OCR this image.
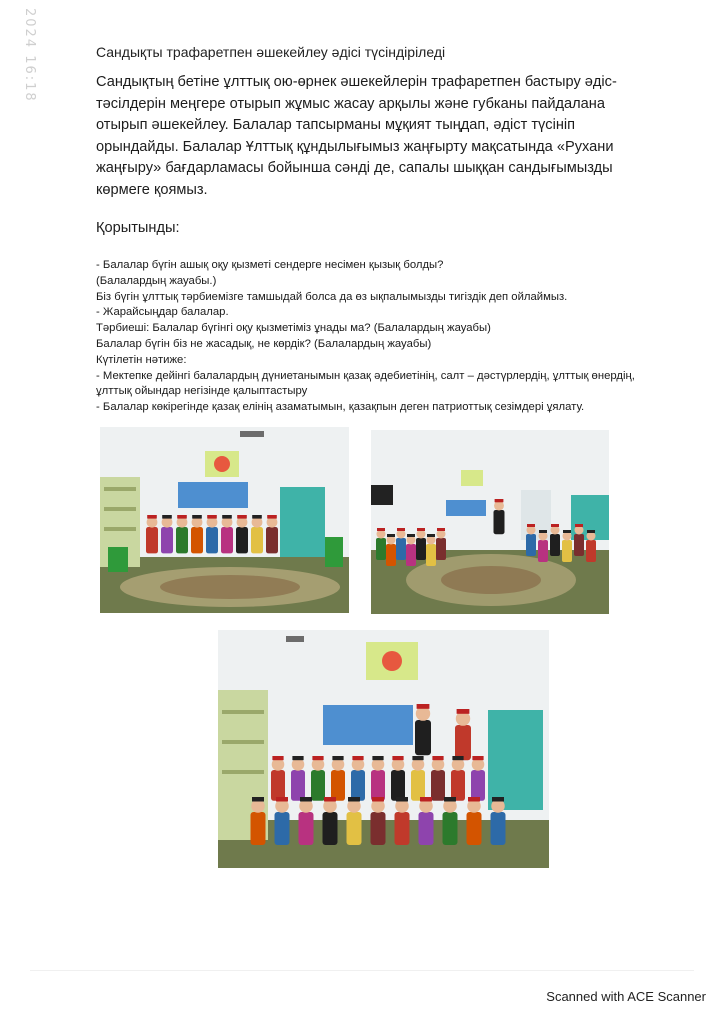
2024 16:18	Сандықты трафаретпен әшекейлеу әдісі түсіндіріледі
Сандықтың бетіне ұлттық ою-өрнек әшекейлерін трафаретпен бастыру әдіс-
тәсілдерін меңгере отырып жұмыс жасау арқылы және губканы пайдалана
отырып әшекейлеу. Балалар тапсырманы мұқият тыңдап, әдіст түсініп
орындайды. Балалар Ұлттық құндылығымыз жаңғырту мақсатында «Рухани
жаңғыру» бағдарламасы бойынша сәнді де, сапалы шыққан сандығымызды
көрмеге қоямыз.
Қорытынды:
- Балалар бүгін ашық оқу қызметі сендерге несімен қызық болды?
(Балалардың жауабы.)
Біз бүгін ұлттық тәрбиемізге тамшыдай болса да өз ықпалымызды тигіздік деп ойлаймыз.
- Жарайсыңдар балалар.
Тәрбиеші: Балалар бүгінгі оқу қызметіміз ұнады ма? (Балалардың жауабы)
Балалар бүгін біз не жасадық, не көрдік? (Балалардың жауабы)
Күтілетін нәтиже:
- Мектепке дейінгі балалардың дүниетанымын қазақ әдебиетінің, салт – дәстүрлердің, ұлттық өнердің,
ұлттық ойындар негізінде қалыптастыру
- Балалар көкірегінде қазақ елінің азаматымын, қазақпын деген патриоттық сезімдері ұялату.
Scanned with ACE Scanner
